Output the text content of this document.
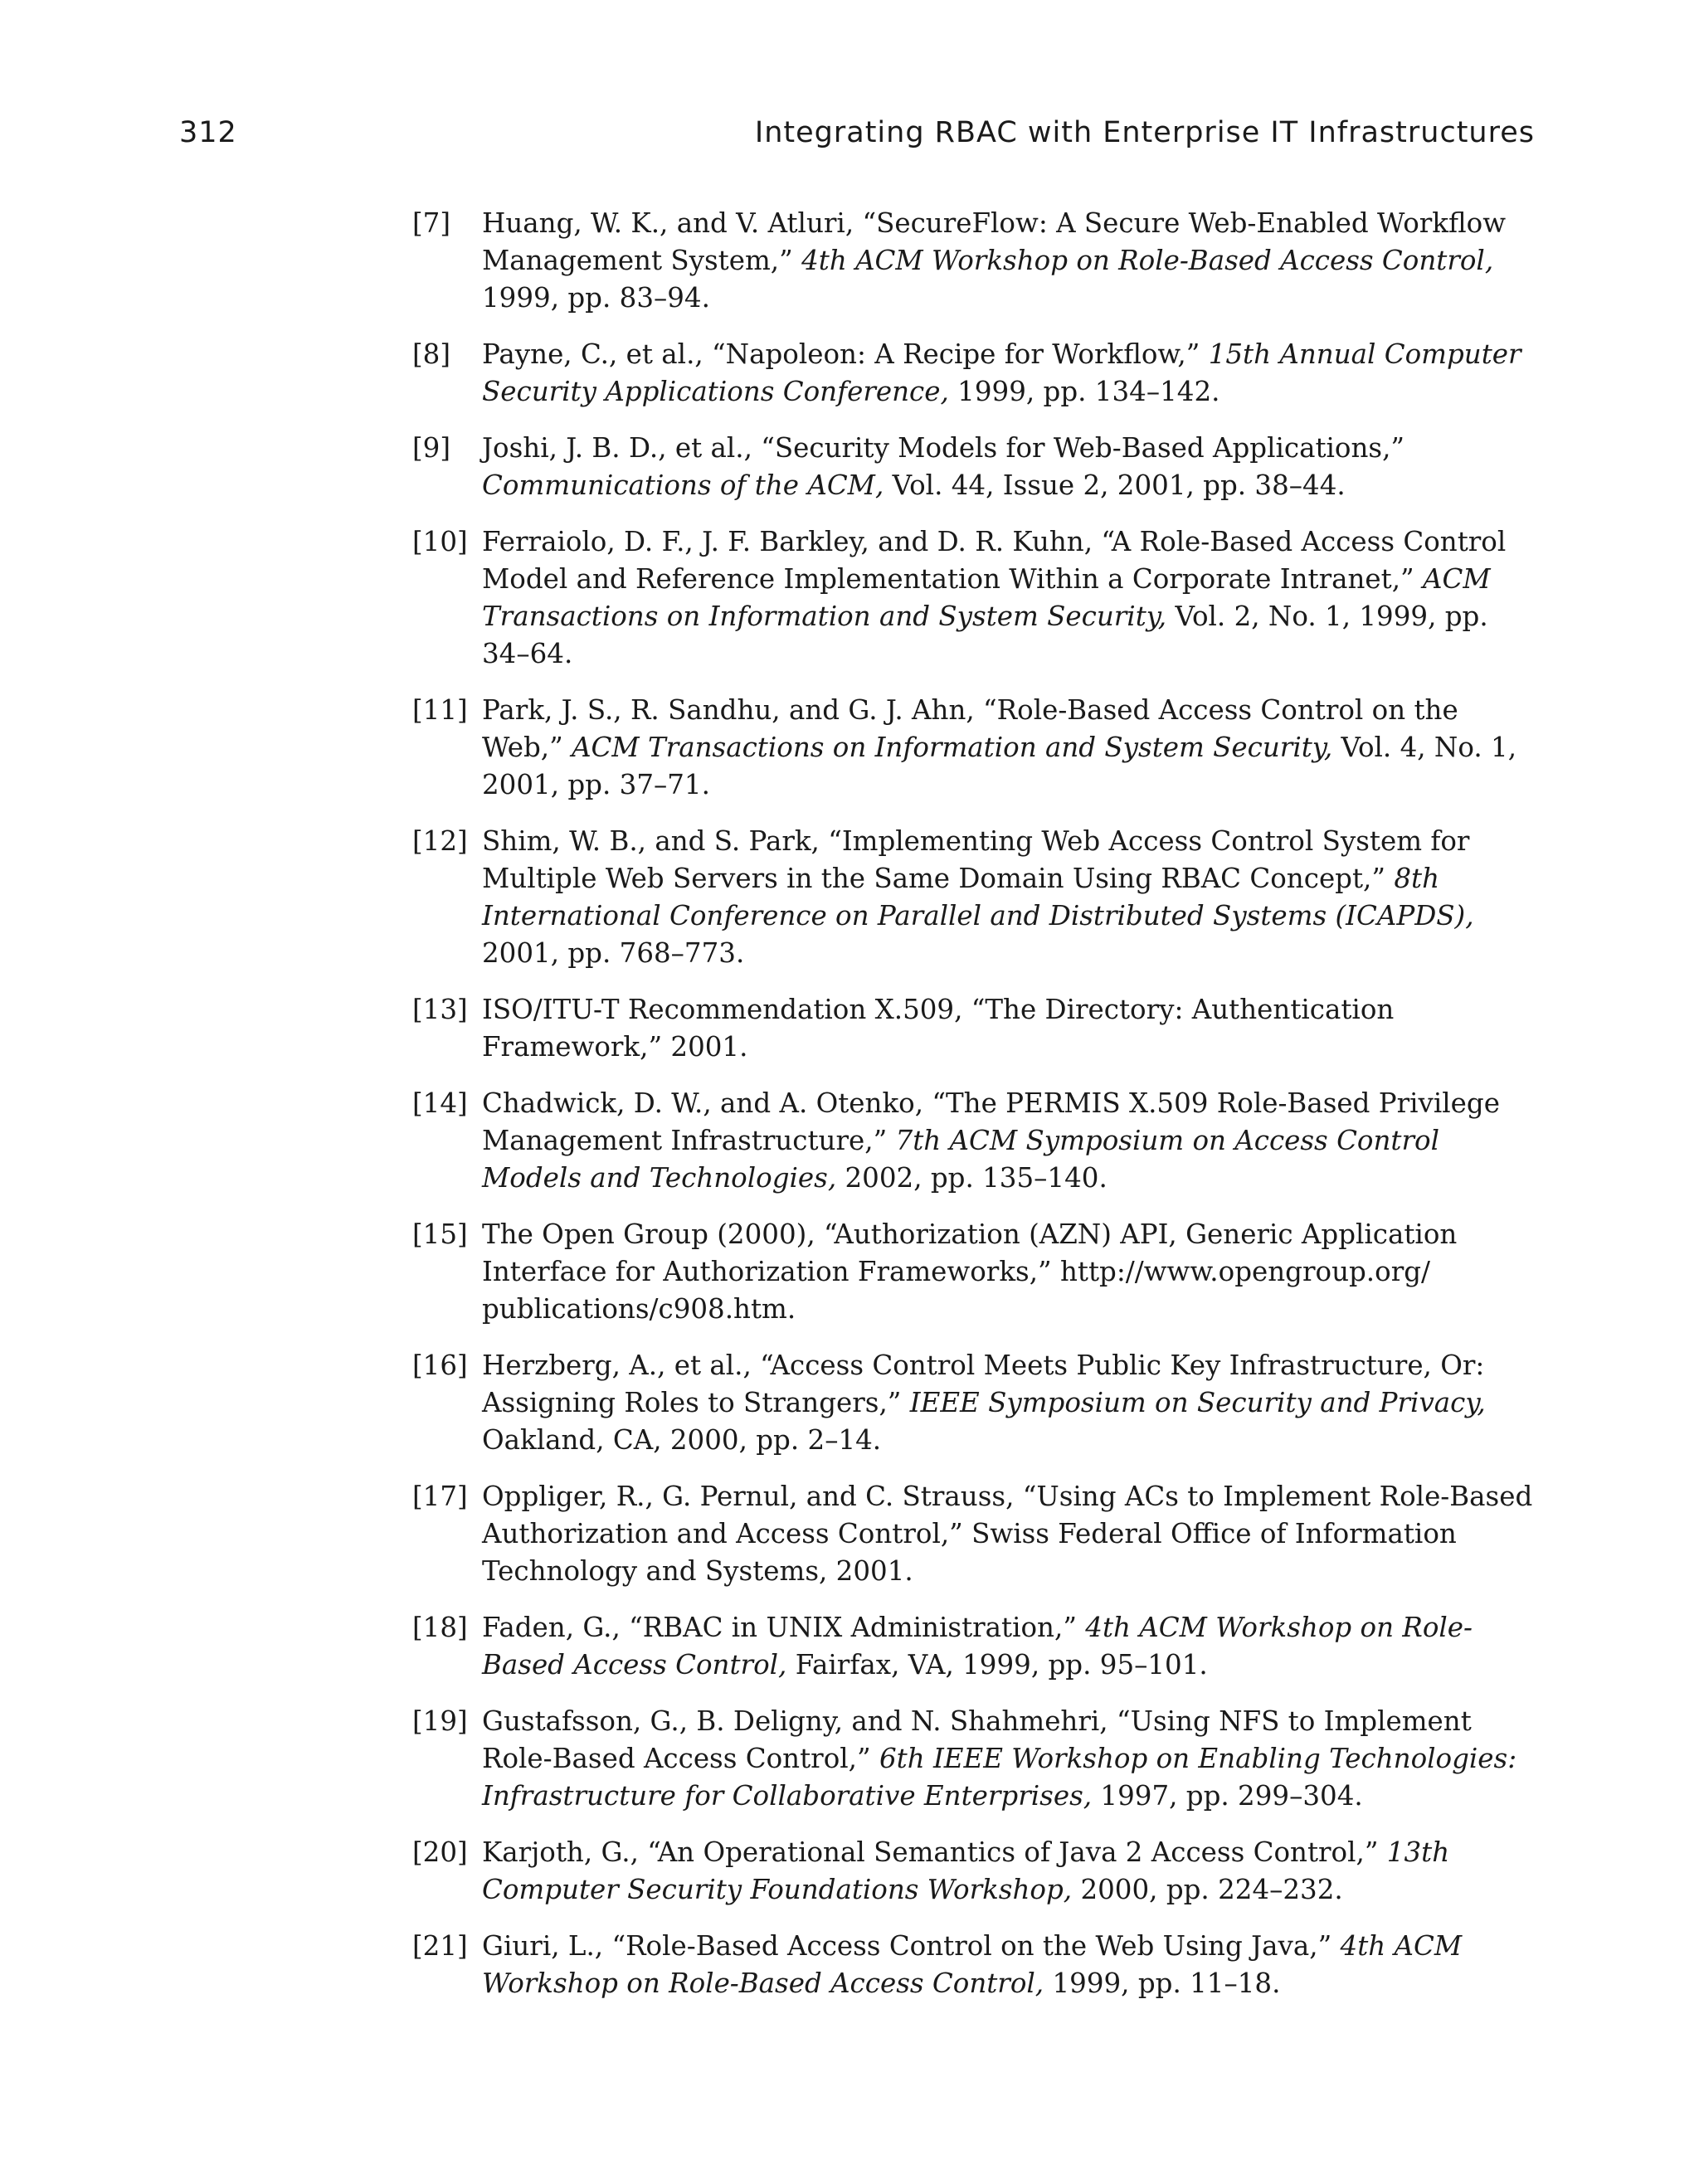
312	Integrating RBAC with Enterprise IT Infrastructures
[7]	Huang, W. K., and V. Atluri, “SecureFlow: A Secure Web-Enabled Workflow Management System,” 4th ACM Workshop on Role-Based Access Control, 1999, pp. 83–94.
[8]	Payne, C., et al., “Napoleon: A Recipe for Workflow,” 15th Annual Computer Security Applications Conference, 1999, pp. 134–142.
[9]	Joshi, J. B. D., et al., “Security Models for Web-Based Applications,” Communications of the ACM, Vol. 44, Issue 2, 2001, pp. 38–44.
[10] Ferraiolo, D. F., J. F. Barkley, and D. R. Kuhn, “A Role-Based Access Control Model and Reference Implementation Within a Corporate Intranet,” ACM Transactions on Information and System Security, Vol. 2, No. 1, 1999, pp. 34–64.
[11] Park, J. S., R. Sandhu, and G. J. Ahn, “Role-Based Access Control on the Web,” ACM Transactions on Information and System Security, Vol. 4, No. 1, 2001, pp. 37–71.
[12] Shim, W. B., and S. Park, “Implementing Web Access Control System for Multiple Web Servers in the Same Domain Using RBAC Concept,” 8th International Conference on Parallel and Distributed Systems (ICAPDS), 2001, pp. 768–773.
[13] ISO/ITU-T Recommendation X.509, “The Directory: Authentication Framework,” 2001.
[14] Chadwick, D. W., and A. Otenko, “The PERMIS X.509 Role-Based Privilege Management Infrastructure,” 7th ACM Symposium on Access Control Models and Technologies, 2002, pp. 135–140.
[15] The Open Group (2000), “Authorization (AZN) API, Generic Application Interface for Authorization Frameworks,” http://www.opengroup.org/ publications/c908.htm.
[16] Herzberg, A., et al., “Access Control Meets Public Key Infrastructure, Or: Assigning Roles to Strangers,” IEEE Symposium on Security and Privacy, Oakland, CA, 2000, pp. 2–14.
[17] Oppliger, R., G. Pernul, and C. Strauss, “Using ACs to Implement Role-Based Authorization and Access Control,” Swiss Federal Office of Information Technology and Systems, 2001.
[18] Faden, G., “RBAC in UNIX Administration,” 4th ACM Workshop on Role-Based Access Control, Fairfax, VA, 1999, pp. 95–101.
[19] Gustafsson, G., B. Deligny, and N. Shahmehri, “Using NFS to Implement Role-Based Access Control,” 6th IEEE Workshop on Enabling Technologies: Infrastructure for Collaborative Enterprises, 1997, pp. 299–304.
[20] Karjoth, G., “An Operational Semantics of Java 2 Access Control,” 13th Computer Security Foundations Workshop, 2000, pp. 224–232.
[21] Giuri, L., “Role-Based Access Control on the Web Using Java,” 4th ACM Workshop on Role-Based Access Control, 1999, pp. 11–18.
